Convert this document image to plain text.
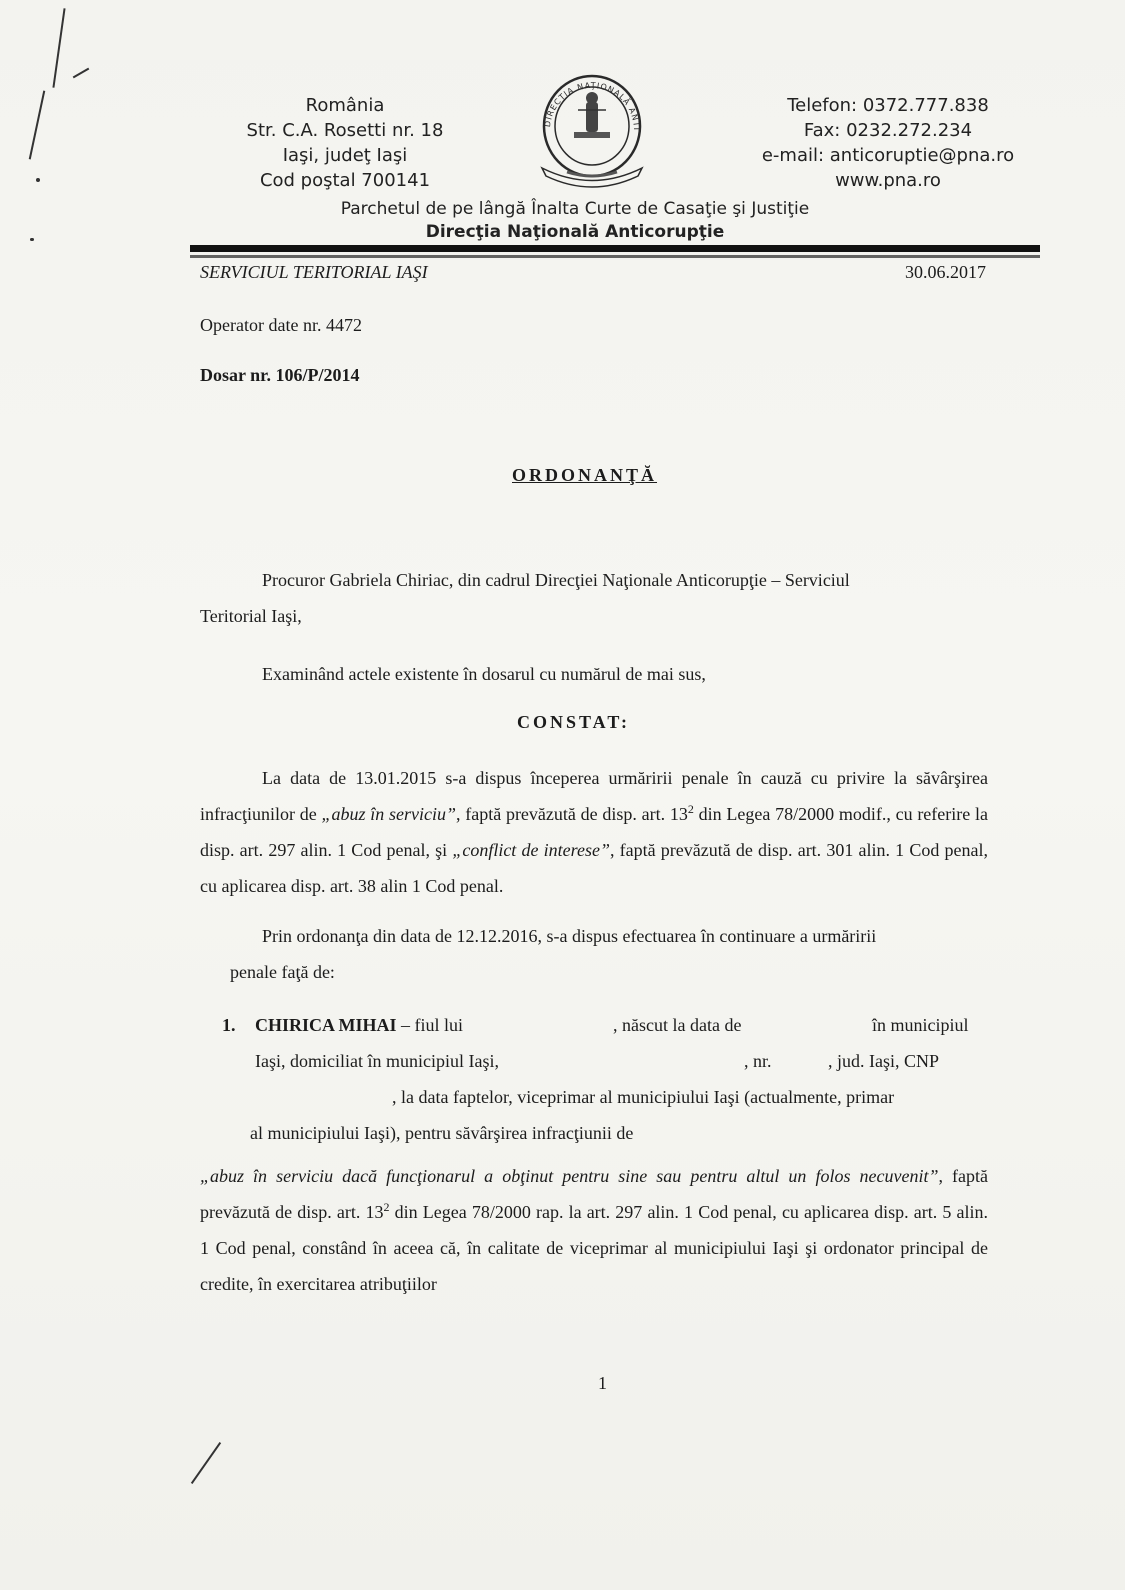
România
Str. C.A. Rosetti nr. 18
Iaşi, judeţ Iaşi
Cod poştal 700141
DIRECŢIA NAŢIONALĂ ANTI
Telefon: 0372.777.838
Fax: 0232.272.234
e-mail: anticoruptie@pna.ro
www.pna.ro
Parchetul de pe lângă Înalta Curte de Casaţie şi Justiţie
Direcţia Naţională Anticorupţie
SERVICIUL TERITORIAL IAŞI	30.06.2017
Operator date nr. 4472
Dosar nr. 106/P/2014
ORDONANŢĂ
Procuror Gabriela Chiriac, din cadrul Direcţiei Naţionale Anticorupţie – Serviciul
Teritorial Iaşi,
Examinând actele existente în dosarul cu numărul de mai sus,
CONSTAT:
La data de 13.01.2015 s-a dispus începerea urmăririi penale în cauză cu privire la săvârşirea infracţiunilor de „abuz în serviciu”, faptă prevăzută de disp. art. $13^2$ din Legea 78/2000 modif., cu referire la disp. art. 297 alin. 1 Cod penal, şi „conflict de interese”, faptă prevăzută de disp. art. 301 alin. 1 Cod penal, cu aplicarea disp. art. 38 alin 1 Cod penal.
Prin ordonanţa din data de 12.12.2016, s-a dispus efectuarea în continuare a urmăririi
penale faţă de:
1. CHIRICA MIHAI – fiul lui	, născut la data de	în municipiul
Iaşi, domiciliat în municipiul Iaşi,	, nr.	, jud. Iaşi, CNP
, la data faptelor, viceprimar al municipiului Iaşi (actualmente, primar
al municipiului Iaşi), pentru săvârşirea infracţiunii de
„abuz în serviciu dacă funcţionarul a obţinut pentru sine sau pentru altul un folos necuvenit”, faptă prevăzută de disp. art. $13^2$ din Legea 78/2000 rap. la art. 297 alin. 1 Cod penal, cu aplicarea disp. art. 5 alin. 1 Cod penal, constând în aceea că, în calitate de viceprimar al municipiului Iaşi şi ordonator principal de credite, în exercitarea atribuţiilor
1
